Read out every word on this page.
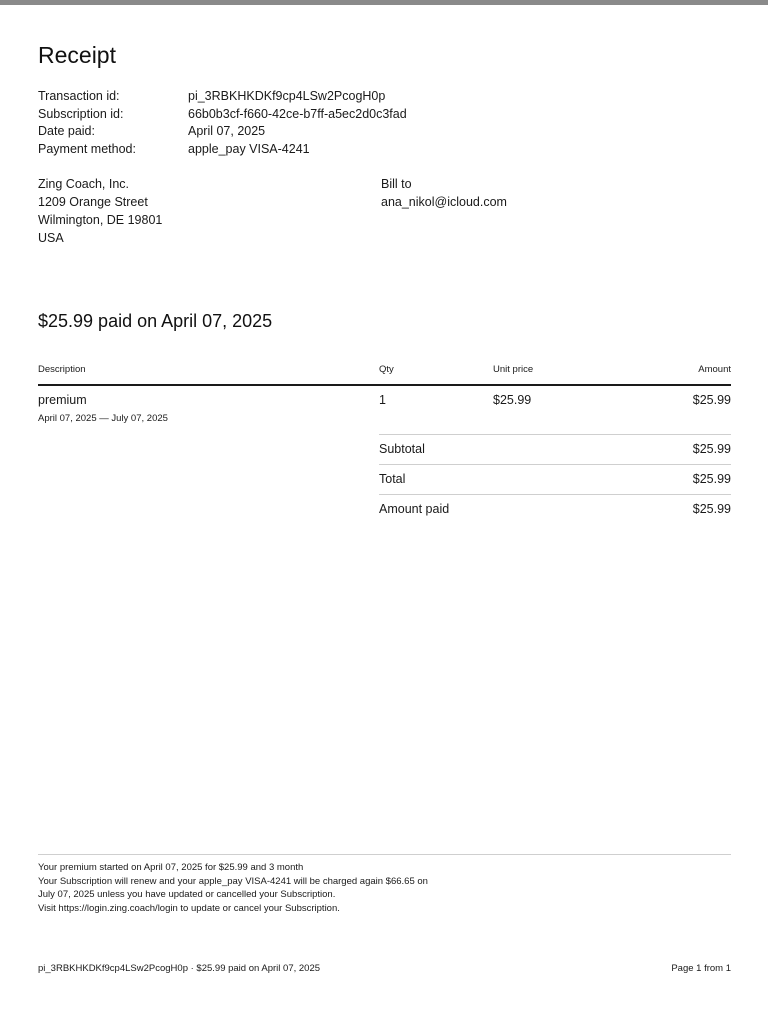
Receipt
Transaction id:	pi_3RBKHKDKf9cp4LSw2PcogH0p
Subscription id:	66b0b3cf-f660-42ce-b7ff-a5ec2d0c3fad
Date paid:	April 07, 2025
Payment method:	apple_pay VISA-4241
Zing Coach, Inc.
1209 Orange Street
Wilmington, DE 19801
USA
Bill to
ana_nikol@icloud.com
$25.99 paid on April 07, 2025
Description	Qty	Unit price	Amount
premium
April 07, 2025 — July 07, 2025
1	$25.99	$25.99
Subtotal	$25.99
Total	$25.99
Amount paid	$25.99

Your premium started on April 07, 2025 for $25.99 and 3 month

Your Subscription will renew and your apple_pay VISA-4241 will be charged again $66.65 on

July 07, 2025 unless you have updated or cancelled your Subscription.

Visit https://login.zing.coach/login to update or cancel your Subscription.

pi_3RBKHKDKf9cp4LSw2PcogH0p · $25.99 paid on April 07, 2025	Page 1 from 1
